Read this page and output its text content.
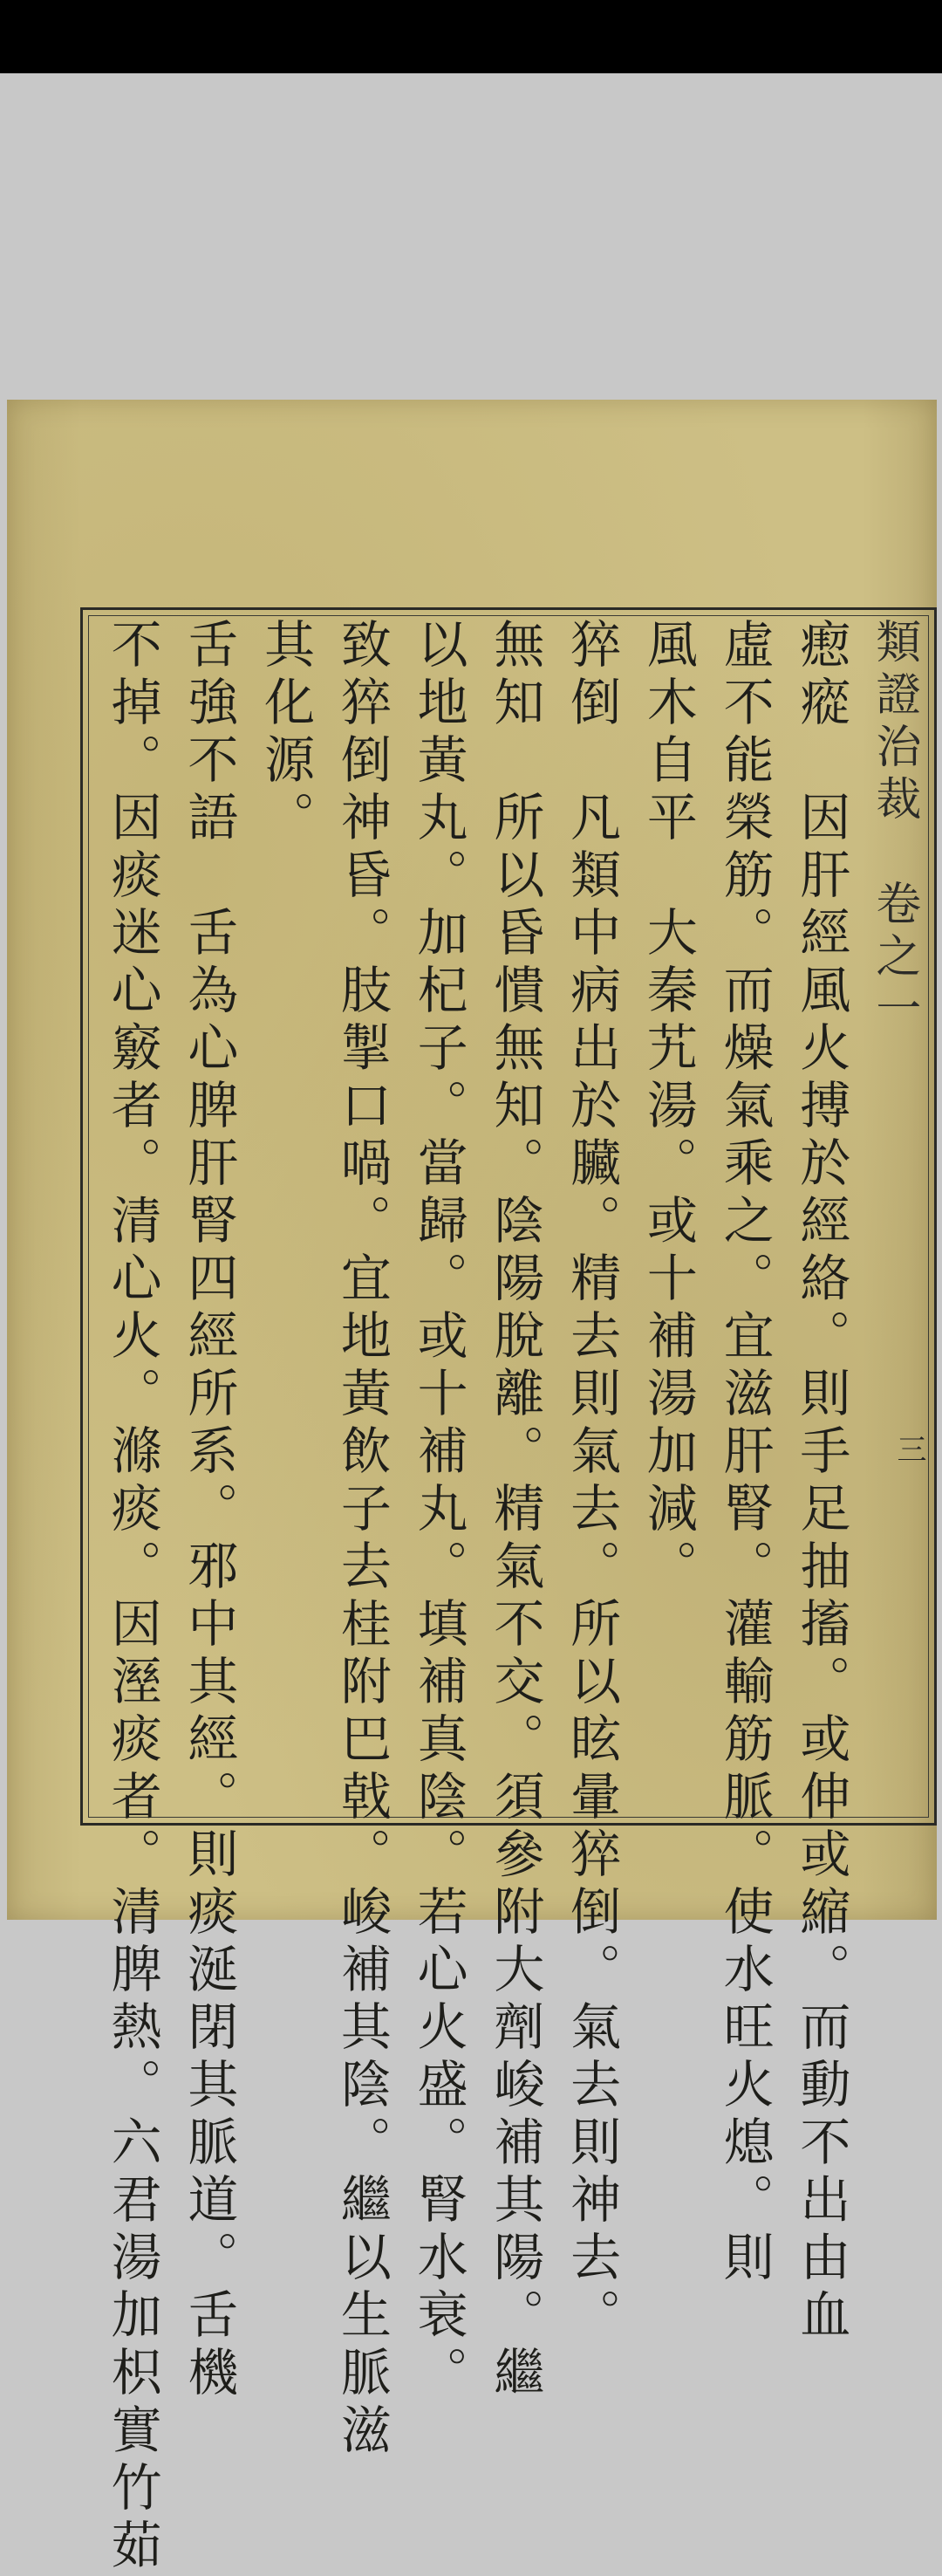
三
類證治裁　卷之一
瘛瘲　因肝經風火搏於經絡。則手足抽搐。或伸或縮。而動不出由血
虛不能榮筋。而燥氣乘之。宜滋肝腎。灌輸筋脈。使水旺火熄。則
風木自平　大秦艽湯。或十補湯加減。
猝倒　凡類中病出於臟。精去則氣去。所以眩暈猝倒。氣去則神去。
無知　所以昏憒無知。陰陽脫離。精氣不交。須參附大劑峻補其陽。繼
以地黃丸。加杞子。當歸。或十補丸。填補真陰。若心火盛。腎水衰。
致猝倒神昏。肢掣口喎。宜地黃飲子去桂附巴戟。峻補其陰。繼以生脈滋
其化源。
舌強不語　舌為心脾肝腎四經所系。邪中其經。則痰涎閉其脈道。舌機
不掉。因痰迷心竅者。清心火。滌痰。因溼痰者。清脾熱。六君湯加枳實竹茹
